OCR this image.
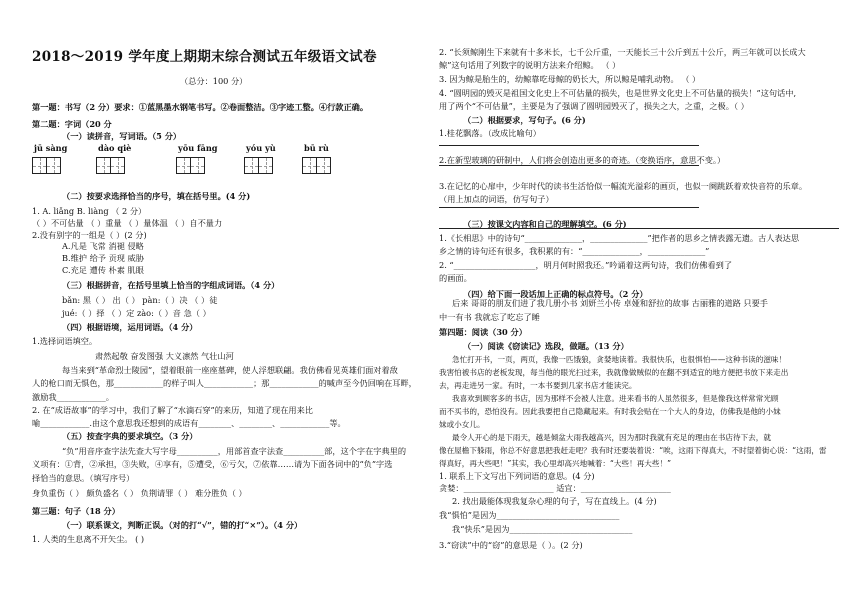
2018～2019 学年度上期期末综合测试五年级语文试卷
（总分：100 分）
第一题：书写（2 分）要求：①蓝黑墨水钢笔书写。②卷面整洁。③字迹工整。④行款正确。
第二题：字词（20 分
（一）读拼音，写词语。（5 分）
（二）按要求选择恰当的序号，填在括号里。(4 分)
1. A. liǎng B. liàng （ 2 分）
（ ）不可估量 （ ）重量 （ ）量体温 （ ）自不量力
2.没有别字的一组是（ ）(2 分)
A.凡是 飞常 消褪 侵略
B.维护 给予 贡现 威胁
C.充足 遭传 朴素 肌眼
（三）根据拼音，在括号里填上恰当的字组成词语。（4 分）
bǎn: 黑（ ） 出（ ） pàn:（ ）决 （ ）徒
jué:（ ）择 （ ）定 zào:（ ）音 急（ ）
（四）根据语境，运用词语。（4 分）
1.选择词语填空。
肃然起敬 奋发图强 大义凛然 气壮山河
每当来到“革命烈士陵园”，望着眼前一座座墓碑，使人浮想联翩。我仿佛看见英雄们面对着敌
人的枪口而无惧色，那____________的样子叫人____________；那____________的喊声至今仍回响在耳畔，
激励我____________。
2. 在“成语故事”的学习中，我们了解了“水滴石穿”的来历，知道了现在用来比
喻____________.由这个意思我还想到的成语有________、________、____________等。
（五）按查字典的要求填空。（3 分）
“负”用音序查字法先查大写字母__________，用部首查字法查__________部，这个字在字典里的
义项有：①背，②承担，③失败，④享有，⑤遭受，⑥亏欠，⑦依靠……请为下面各词中的“负”字选
择恰当的意思。（填写序号）
身负重伤（ ） 颇负盛名（ ） 负荆请罪（ ） 难分胜负（ ）
第三题：句子（18 分）
（一）联系课文，判断正误。（对的打“√”，错的打“×”）。（4 分）
1. 人类的生息离不开矢尘。 ( )
jū sàng	dào qiè	yōu fāng	yóu yù	bū rù
2. “长须鲸刚生下来就有十多米长，七千公斤重，一天能长三十公斤到五十公斤，两三年就可以长成大
鲸”这句话用了列数字的说明方法来介绍鲸。 （ ）
3. 因为鲸是胎生的，幼鲸靠吃母鲸的奶长大，所以鲸是哺乳动物。 （ ）
4. “圆明园的毁灭是祖国文化史上不可估量的损失，也是世界文化史上不可估量的损失！”这句话中,
用了两个“不可估量”，主要是为了强调了圆明园毁灭了，损失之大，之重，之极。（ ）
（二）根据要求，写句子。(6 分)
1.桂花飘落。（改成比喻句）
2.在新型玻璃的研制中，人们将会创造出更多的奇迹。（变换语序，意思不变。）
3.在记忆的心扉中，少年时代的读书生活恰似一幅流光溢彩的画页，也似一阕跳跃着欢快音符的乐章。
（用上加点的词语，仿写句子）
（三）按课文内容和自己的理解填空。(6 分)
1.《长相思》中的诗句“______________，______________”把作者的思乡之情表露无遗。古人表达思
乡之情的诗句还有很多，我积累的有：“______________，______________”
2. “____________________，明月何时照我还。”吟诵着这两句诗，我们仿佛看到了
的画面。
（四）给下面一段话加上正确的标点符号。（2 分）
后来 哥哥的朋友们进了我几册小书 刘妍兰小传 卓娅和舒拉的故事 古丽雅的道路 只要手
中一有书 我就忘了吃忘了睡
第四题：阅读（30 分）
（一）阅读《窃读记》选段，做题。（13 分）
急忙打开书，一页，两页，我像一匹饿狼，贪婪地读着。我很快乐，也很惧怕——这种书读的滋味！
我害怕被书店的老板发现，每当他的眼光扫过来，我就像做贼似的在翻不到适宜的地方便把书放下来走出
去，再走进另一家。有时，一本书要到几家书店才能读完。
我喜欢到顾客多的书店，因为那样不会被人注意。进来看书的人虽然很多，但是像我这样常常光顾
而不买书的，恐怕没有。因此我要把自己隐藏起来。有时我会贴在一个大人的身边，仿佛我是他的小妹
妹或小女儿。
最令人开心的是下雨天，越是倾盆大雨我越高兴，因为那时我就有充足的理由在书店待下去，就
像在屋檐下躲雨，你总不好意思把我赶走吧？我有时还要装着说：“唉，这雨下得真大，不时望着街心说：“这雨，雷
得真好，再大些吧！”其实，我心里却高兴地喊着：“大些！再大些！”
1. 联系上下文写出下列词语的意思。(4 分)
贪婪：______________________ 适宜：______________________
2. 找出最能体现我复杂心理的句子，写在直线上。(4 分)
我“惧怕”是因为______________________________
我“快乐”是因为______________________________
3.“窃读”中的“窃”的意思是（ ）。(2 分)
